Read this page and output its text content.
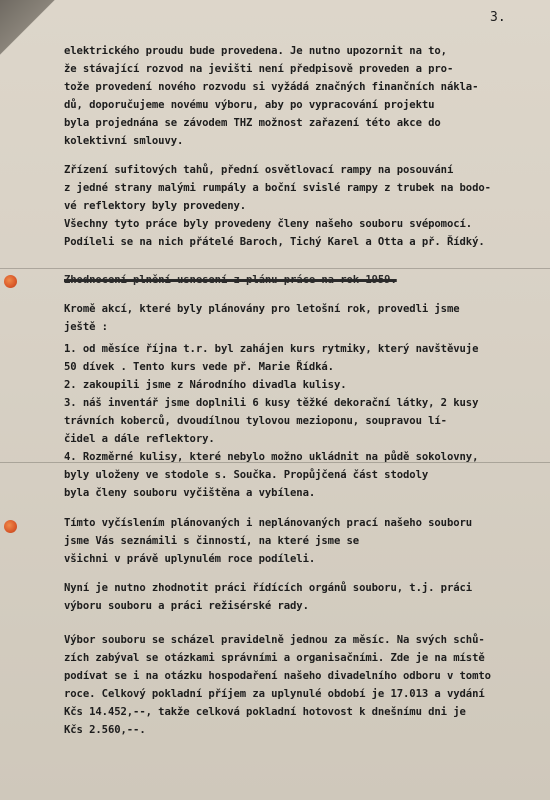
3.
elektrického proudu bude provedena. Je nutno upozornit na to,
že stávající rozvod na jevišti není předpisově proveden a pro-
tože provedení nového rozvodu si vyžádá značných finančních nákla-
dů, doporučujeme novému výboru, aby po vypracování projektu
byla projednána se závodem THZ možnost zařazení této akce do
kolektivní smlouvy.
Zřízení sufitových tahů, přední osvětlovací rampy na posouvání
z jedné strany malými rumpály a boční svislé rampy z trubek na bodo-
vé reflektory byly provedeny.
Všechny tyto práce byly provedeny členy našeho souboru svépomocí.
Podíleli se na nich přátelé Baroch, Tichý Karel a Otta a př. Řídký.
Zhodnocení plnění usnesení z plánu práce na rok 1959.
Kromě akcí, které byly plánovány pro letošní rok, provedli jsme
ještě :
1. od měsíce října t.r. byl zahájen kurs rytmiky, který navštěvuje
50 dívek . Tento kurs vede př. Marie Řídká.
2. zakoupili jsme z Národního divadla kulisy.
3. náš inventář jsme doplnili 6 kusy těžké dekorační látky, 2 kusy
trávních koberců, dvoudílnou tylovou mezioponu, soupravou lí-
čidel a dále reflektory.
4. Rozměrné kulisy, které nebylo možno ukládnit na půdě sokolovny,
byly uloženy ve stodole s. Součka. Propůjčená část stodoly
byla členy souboru vyčištěna a vybílena.
Tímto vyčíslením plánovaných i neplánovaných prací našeho souboru
jsme Vás seznámili s činností, na které jsme se
všichni v právě uplynulém roce podíleli.
Nyní je nutno zhodnotit práci řídících orgánů souboru, t.j. práci
výboru souboru a práci režisérské rady.
Výbor souboru se scházel pravidelně jednou za měsíc. Na svých schů-
zích zabýval se otázkami správními a organisačními. Zde je na místě
podívat se i na otázku hospodaření našeho divadelního odboru v tomto
roce. Celkový pokladní příjem za uplynulé období je 17.013 a vydání
Kčs 14.452,--, takže celková pokladní hotovost k dnešnímu dni je
Kčs 2.560,--.
